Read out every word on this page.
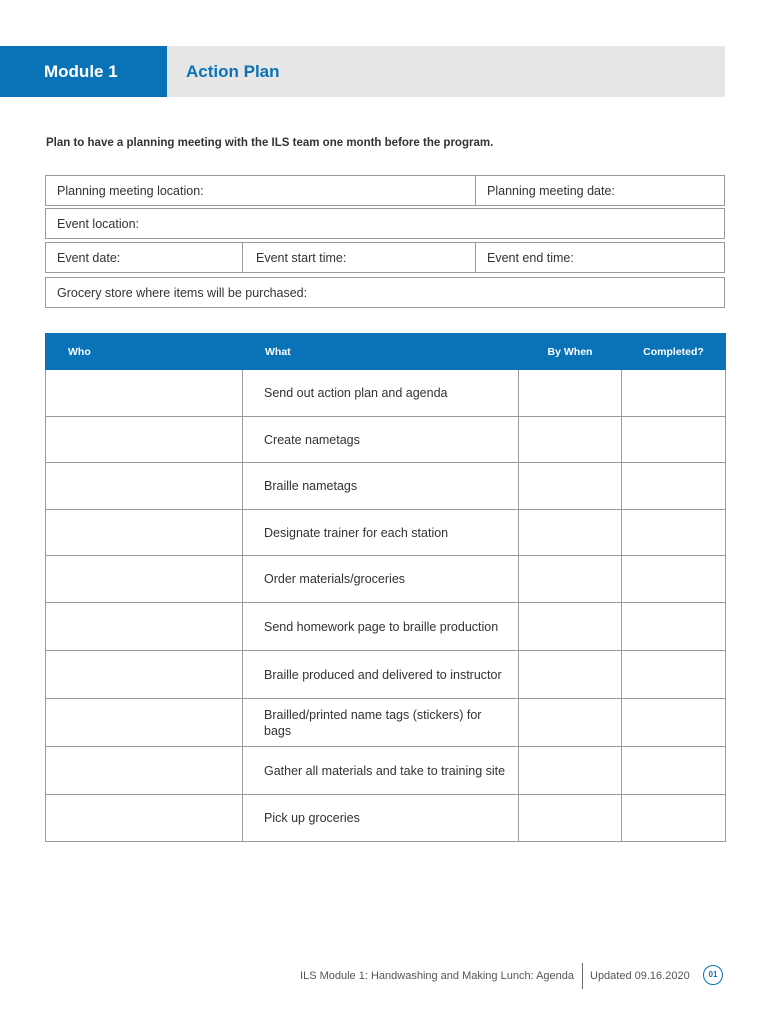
Module 1	Action Plan
Plan to have a planning meeting with the ILS team one month before the program.
Planning meeting location:	Planning meeting date:
Event location:
Event date:	Event start time:	Event end time:
Grocery store where items will be purchased:
Who	What	By When	Completed?
	Send out action plan and agenda		
	Create nametags		
	Braille nametags		
	Designate trainer for each station		
	Order materials/groceries		
	Send homework page to braille production		
	Braille produced and delivered to instructor		
	Brailled/printed name tags (stickers) for bags		
	Gather all materials and take to training site		
	Pick up groceries		
ILS Module 1: Handwashing and Making Lunch: Agenda Updated 09.16.2020	01
